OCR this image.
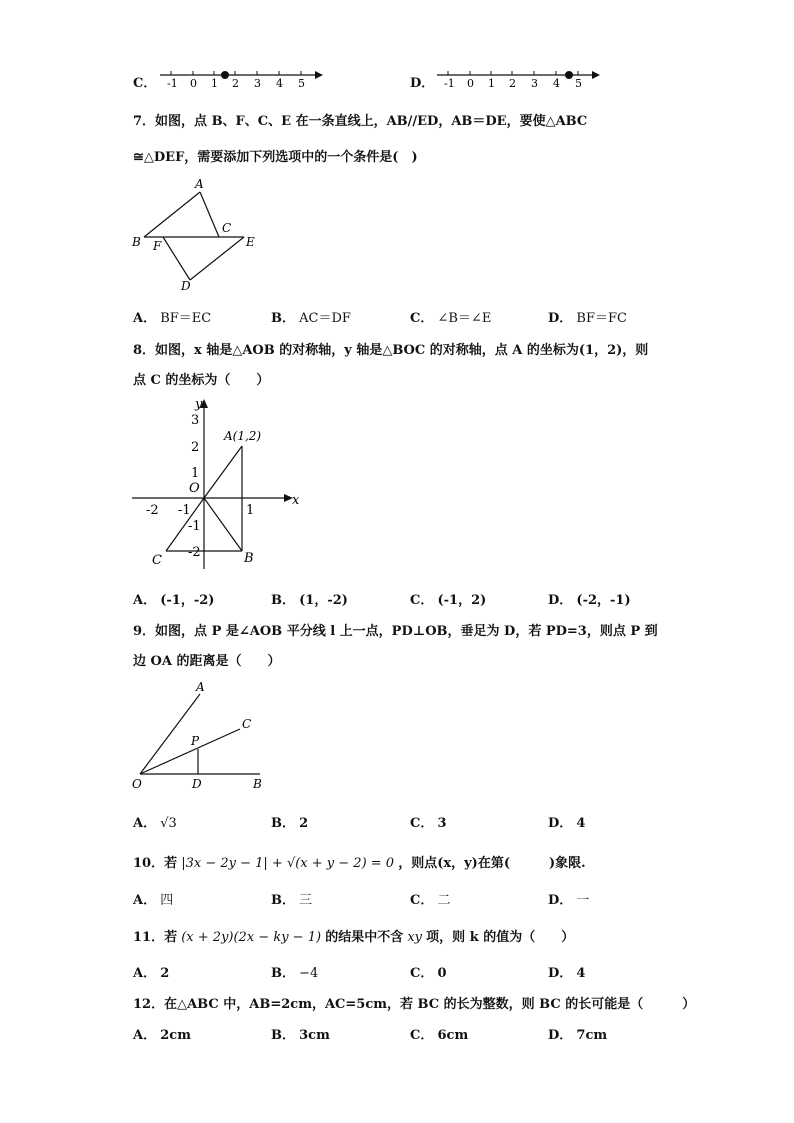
C． -1 0 1 2 3 4 5	D． -1 0 1 2 3 4 5
7．如图，点 B、F、C、E 在一条直线上，AB//ED，AB＝DE，要使△ABC
≅△DEF，需要添加下列选项中的一个条件是(　)
A
B
C
E
F
D
A． BF＝EC	B． AC＝DF	C． ∠B＝∠E	D． BF＝FC
8．如图，x 轴是△AOB 的对称轴，y 轴是△BOC 的对称轴，点 A 的坐标为(1，2)，则
点 C 的坐标为（　　）
y
x
O
A(1,2)
B
C
3
2
1
-1
-2
-2 -1	1
A． (-1，-2)	B． (1，-2)	C． (-1，2)	D． (-2，-1)
9．如图，点 P 是∠AOB 平分线 l 上一点，PD⊥OB，垂足为 D，若 PD=3，则点 P 到
边 OA 的距离是（　　）
A
C
P
O	D	B
A． √3	B． 2	C． 3	D． 4
10．若 |3x − 2y − 1| + √(x + y − 2) = 0 ，则点(x，y)在第(　　　)象限.
A． 四	B． 三	C． 二	D． 一
11．若 (x + 2y)(2x − ky − 1) 的结果中不含 xy 项，则 k 的值为（　　）
A． 2	B． −4	C． 0	D． 4
12．在△ABC 中，AB=2cm，AC=5cm，若 BC 的长为整数，则 BC 的长可能是（　　　）
A． 2cm	B． 3cm	C． 6cm	D． 7cm
